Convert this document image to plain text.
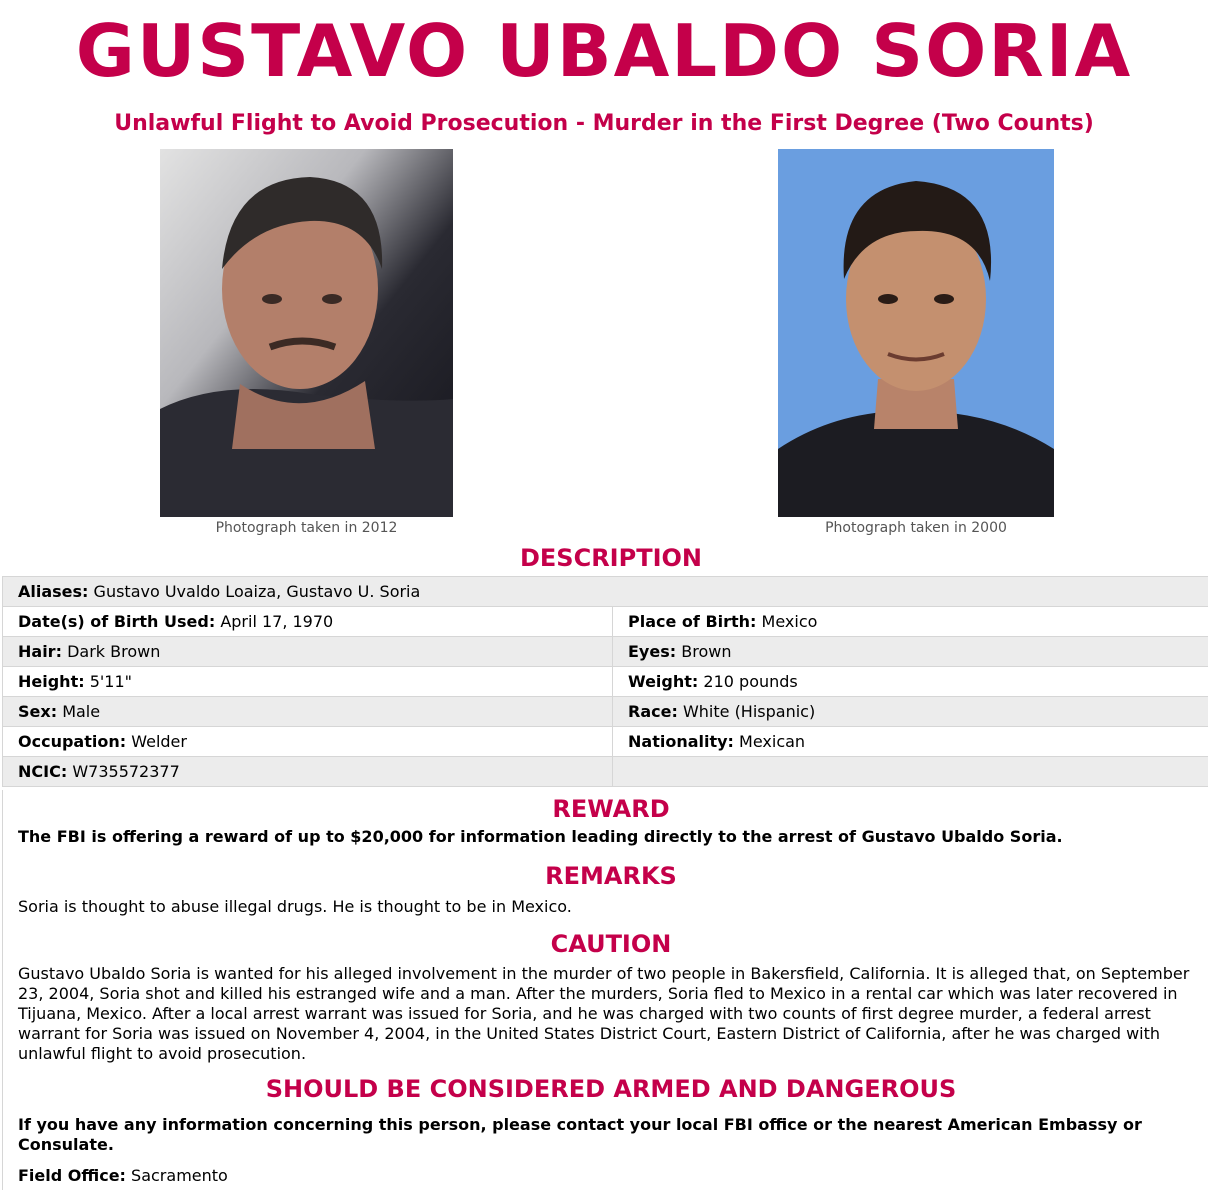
GUSTAVO UBALDO SORIA
Unlawful Flight to Avoid Prosecution - Murder in the First Degree (Two Counts)
Photograph taken in 2012	Photograph taken in 2000
DESCRIPTION
Aliases: Gustavo Uvaldo Loaiza, Gustavo U. Soria	
Date(s) of Birth Used: April 17, 1970	Place of Birth: Mexico
Hair: Dark Brown	Eyes: Brown
Height: 5'11"	Weight: 210 pounds
Sex: Male	Race: White (Hispanic)
Occupation: Welder	Nationality: Mexican
NCIC: W735572377	
REWARD

The FBI is offering a reward of up to $20,000 for information leading directly to the arrest of Gustavo Ubaldo Soria.

REMARKS

Soria is thought to abuse illegal drugs. He is thought to be in Mexico.

CAUTION

Gustavo Ubaldo Soria is wanted for his alleged involvement in the murder of two people in Bakersfield, California. It is alleged that, on September 23, 2004, Soria shot and killed his estranged wife and a man. After the murders, Soria fled to Mexico in a rental car which was later recovered in Tijuana, Mexico. After a local arrest warrant was issued for Soria, and he was charged with two counts of first degree murder, a federal arrest warrant for Soria was issued on November 4, 2004, in the United States District Court, Eastern District of California, after he was charged with unlawful flight to avoid prosecution.

SHOULD BE CONSIDERED ARMED AND DANGEROUS

If you have any information concerning this person, please contact your local FBI office or the nearest American Embassy or Consulate.

Field Office: Sacramento
